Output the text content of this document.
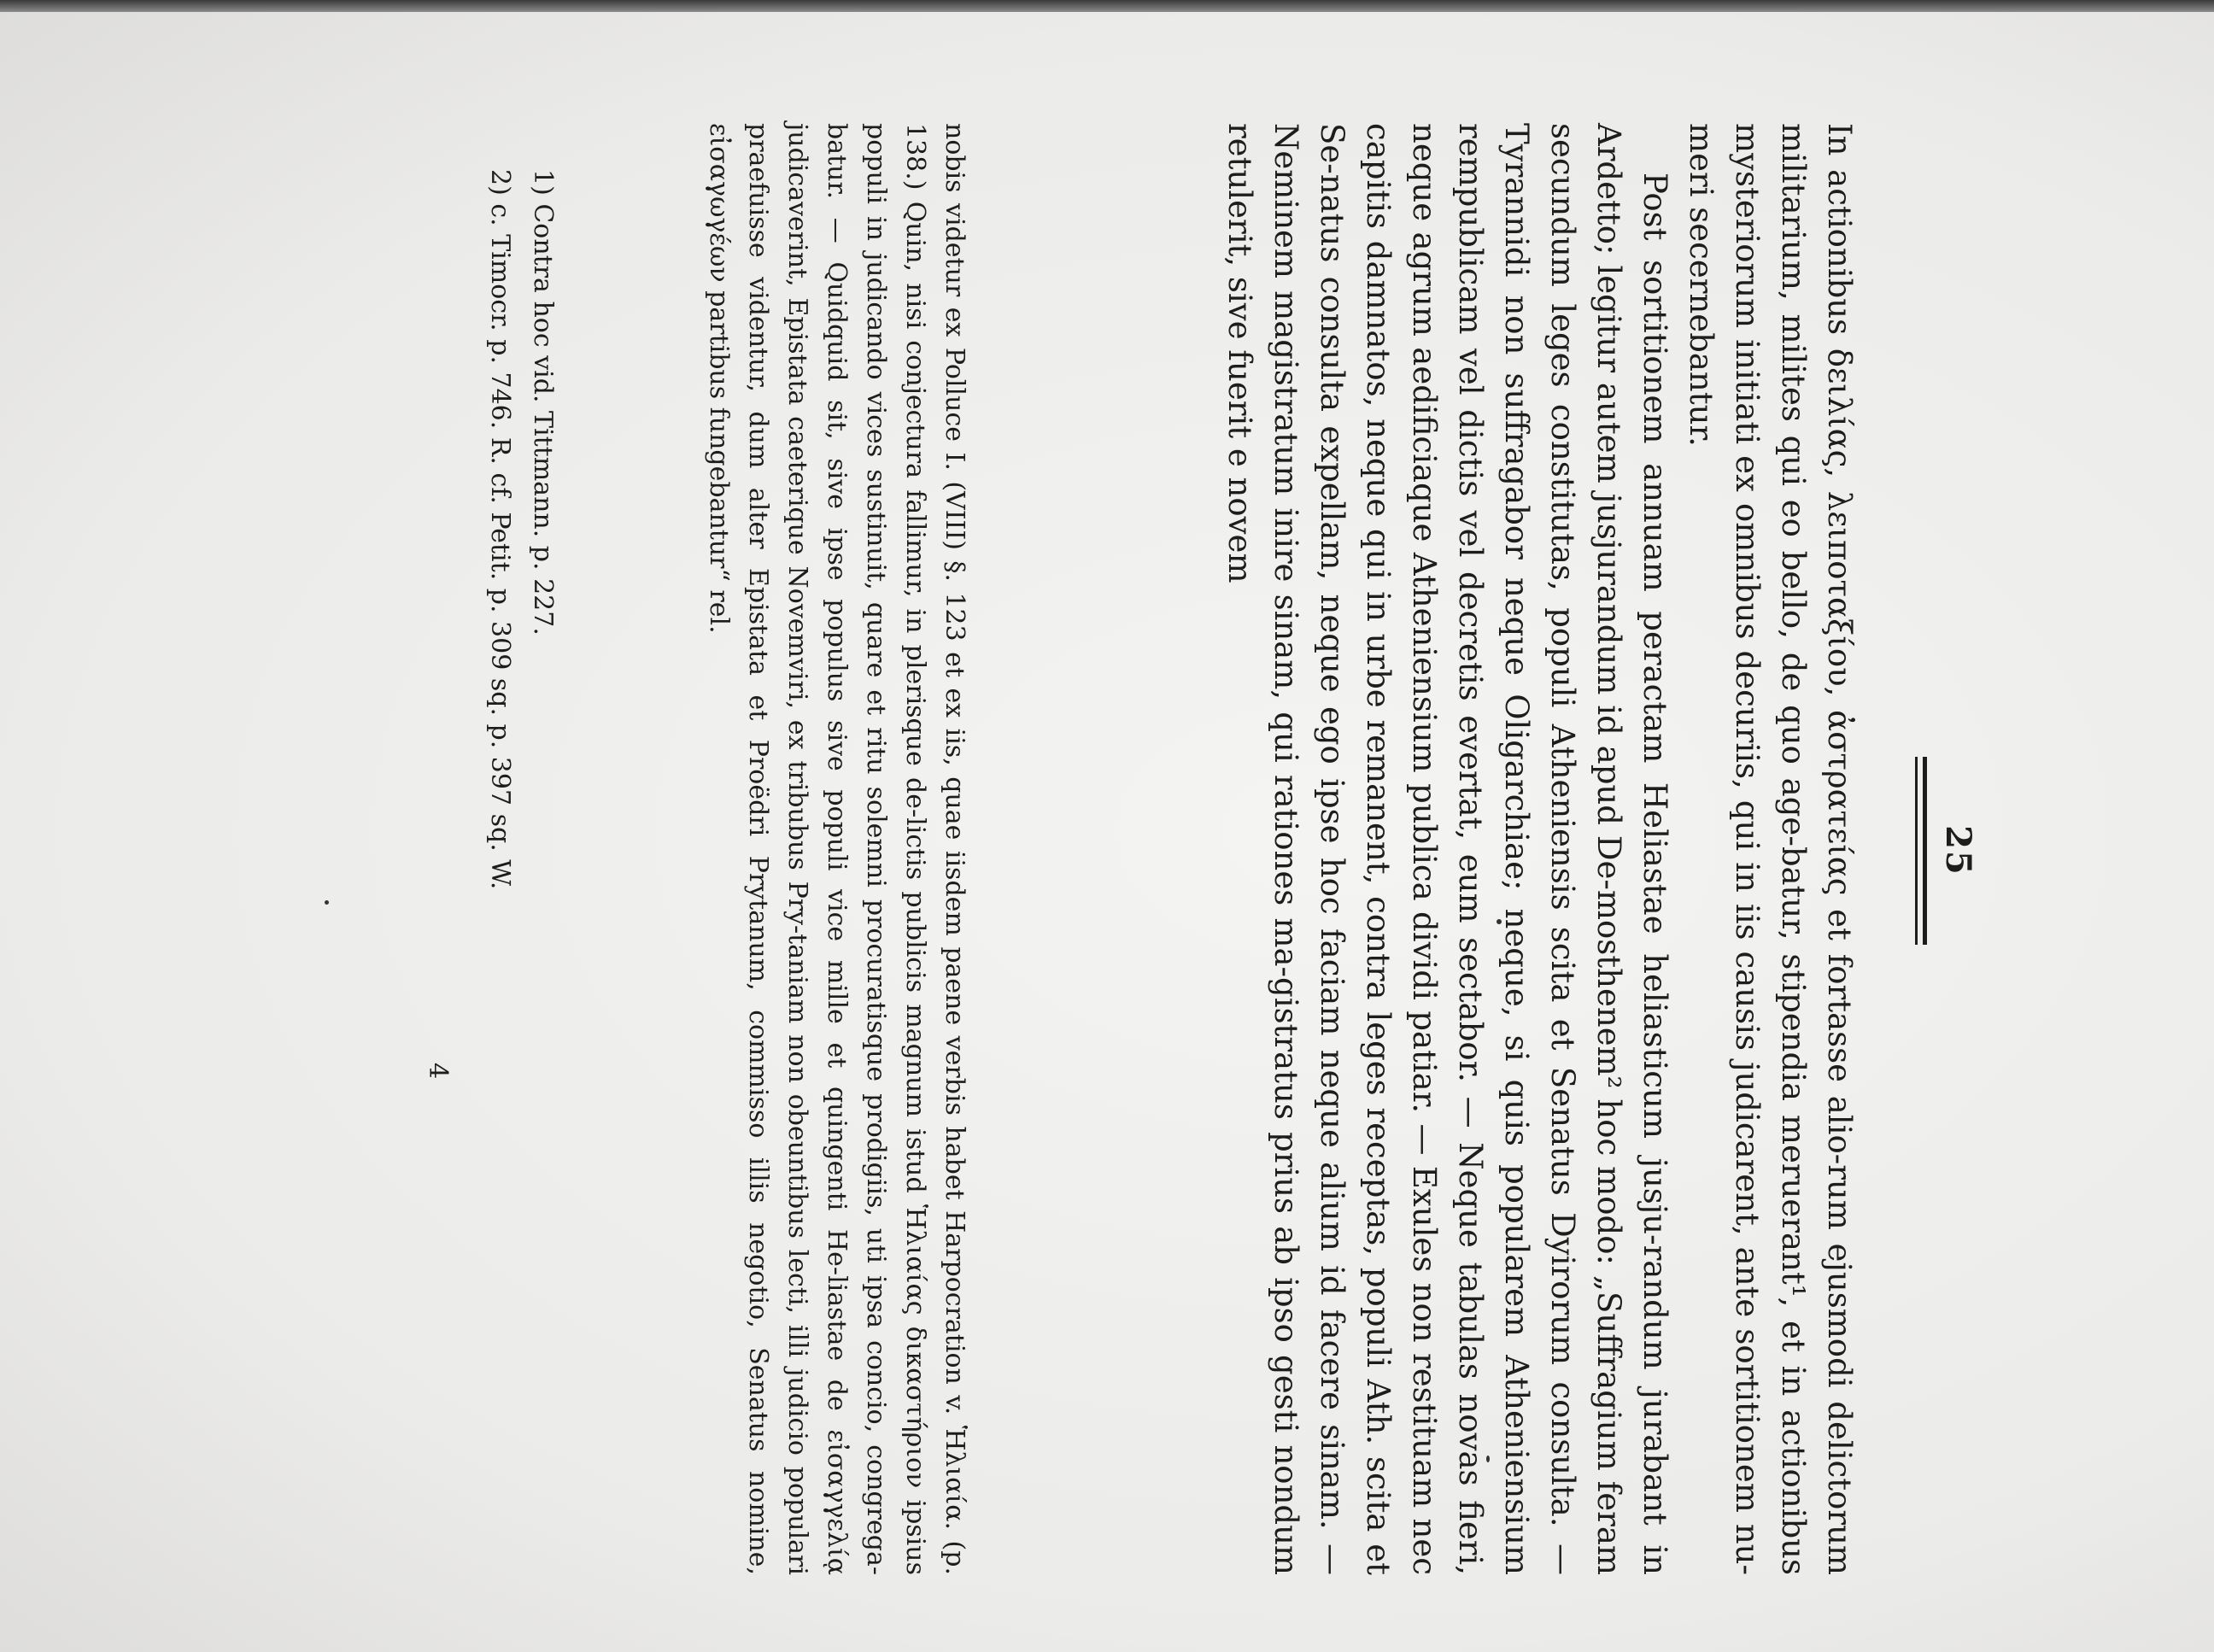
25

In actionibus δειλίας, λειποταξίου, ἀστρατείας et fortasse alio-rum ejusmodi delictorum militarium, milites qui eo bello, de quo age-batur, stipendia meruerant¹, et in actionibus mysteriorum initiati ex omnibus decuriis, qui in iis causis judicarent, ante sortitionem nu-meri secernebantur.

Post sortitionem annuam peractam Heliastae heliasticum jusju-randum jurabant in Ardetto; legitur autem jusjurandum id apud De-mosthenem² hoc modo: „Suffragium feram secundum leges constitutas, populi Atheniensis scita et Senatus Dyirorum consulta. — Tyrannidi non suffragabor neque Oligarchiae; neque, si quis popularem Atheniensium rempublicam vel dictis vel decretis evertat, eum sectabor. — Neque tabulas novas fieri, neque agrum aedificiaque Atheniensium publica dividi patiar. — Exules non restituam nec capitis damnatos, neque qui in urbe remanent, contra leges receptas, populi Ath. scita et Se-natus consulta expellam, neque ego ipse hoc faciam neque alium id facere sinam. — Neminem magistratum inire sinam, qui rationes ma-gistratus prius ab ipso gesti nondum retulerit, sive fuerit e novem

nobis videtur ex Polluce I. (VIII) §. 123 et ex iis, quae iisdem paene verbis habet Harpocration v. Ἡλιαία. (p. 138.) Quin, nisi conjectura fallimur, in plerisque de-lictis publicis magnum istud Ἡλιαίας δικαστήριον ipsius populi in judicando vices sustinuit, quare et ritu solemni procuratisque prodigiis, uti ipsa concio, congrega-batur. — Quidquid sit, sive ipse populus sive populi vice mille et quingenti He-liastae de εἰσαγγελίᾳ judicaverint, Epistata caeterique Novemviri, ex tribubus Pry-taniam non obeuntibus lecti, illi judicio populari praefuisse videntur, dum alter Epistata et Proëdri Prytanum, commisso illis negotio, Senatus nomine, εἰσαγωγέων partibus fungebantur“ rel.

1) Contra hoc vid. Tittmann. p. 227.

2) c. Timocr. p. 746. R. cf. Petit. p. 309 sq. p. 397 sq. W.

4
